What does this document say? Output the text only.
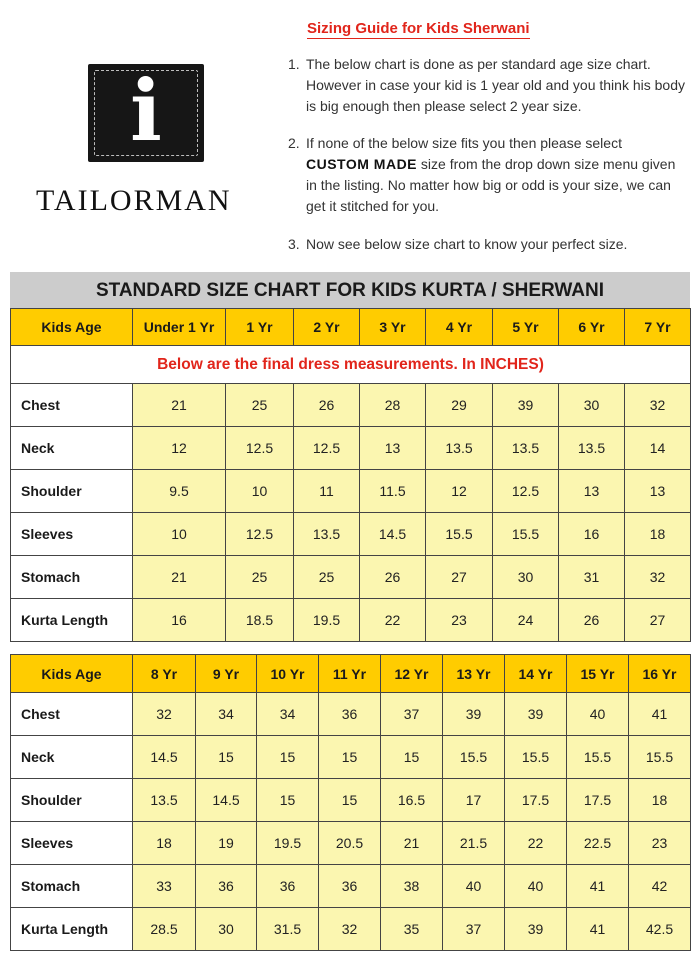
i
TAILORMAN
Sizing Guide for Kids Sherwani
1. The below chart is done as per standard age size chart. However in case your kid is 1 year old and you think his body is big enough then please select 2 year size.
2. If none of the below size fits you then please select CUSTOM MADE size from the drop down size menu given in the listing. No matter how big or odd is your size, we can get it stitched for you.
3. Now see below size chart to know your perfect size.
STANDARD SIZE CHART FOR KIDS KURTA / SHERWANI
Kids Age	Under 1 Yr	1 Yr	2 Yr	3 Yr	4 Yr	5 Yr	6 Yr	7 Yr
Below are the final dress measurements. In INCHES)								
Chest	21	25	26	28	29	39	30	32
Neck	12	12.5	12.5	13	13.5	13.5	13.5	14
Shoulder	9.5	10	11	11.5	12	12.5	13	13
Sleeves	10	12.5	13.5	14.5	15.5	15.5	16	18
Stomach	21	25	25	26	27	30	31	32
Kurta Length	16	18.5	19.5	22	23	24	26	27
Kids Age	8 Yr	9 Yr	10 Yr	11 Yr	12 Yr	13 Yr	14 Yr	15 Yr	16 Yr
Chest	32	34	34	36	37	39	39	40	41
Neck	14.5	15	15	15	15	15.5	15.5	15.5	15.5
Shoulder	13.5	14.5	15	15	16.5	17	17.5	17.5	18
Sleeves	18	19	19.5	20.5	21	21.5	22	22.5	23
Stomach	33	36	36	36	38	40	40	41	42
Kurta Length	28.5	30	31.5	32	35	37	39	41	42.5
